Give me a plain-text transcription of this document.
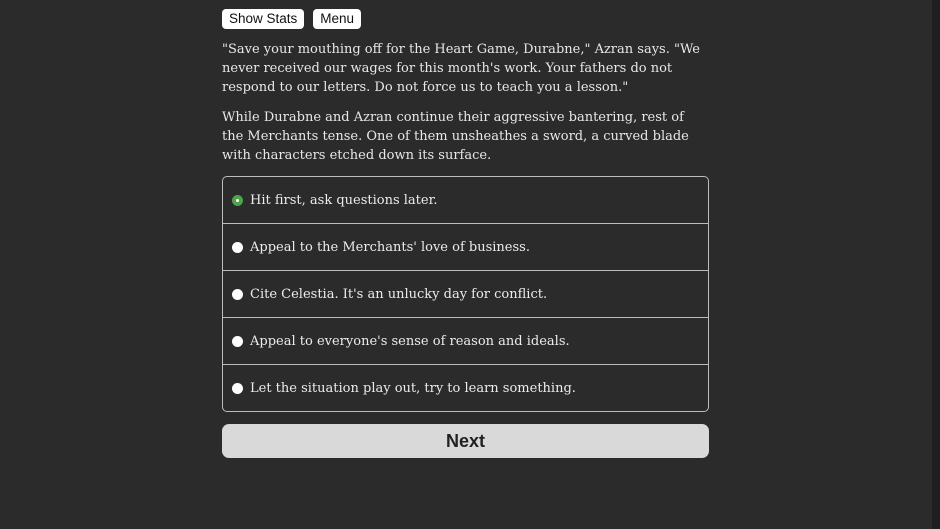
Show Stats	Menu

"Save your mouthing off for the Heart Game, Durabne," Azran says. "We never received our wages for this month's work. Your fathers do not respond to our letters. Do not force us to teach you a lesson."

While Durabne and Azran continue their aggressive bantering, rest of the Merchants tense. One of them unsheathes a sword, a curved blade with characters etched down its surface.

Hit first, ask questions later.
Appeal to the Merchants' love of business.
Cite Celestia. It's an unlucky day for conflict.
Appeal to everyone's sense of reason and ideals.
Let the situation play out, try to learn something.
Next
